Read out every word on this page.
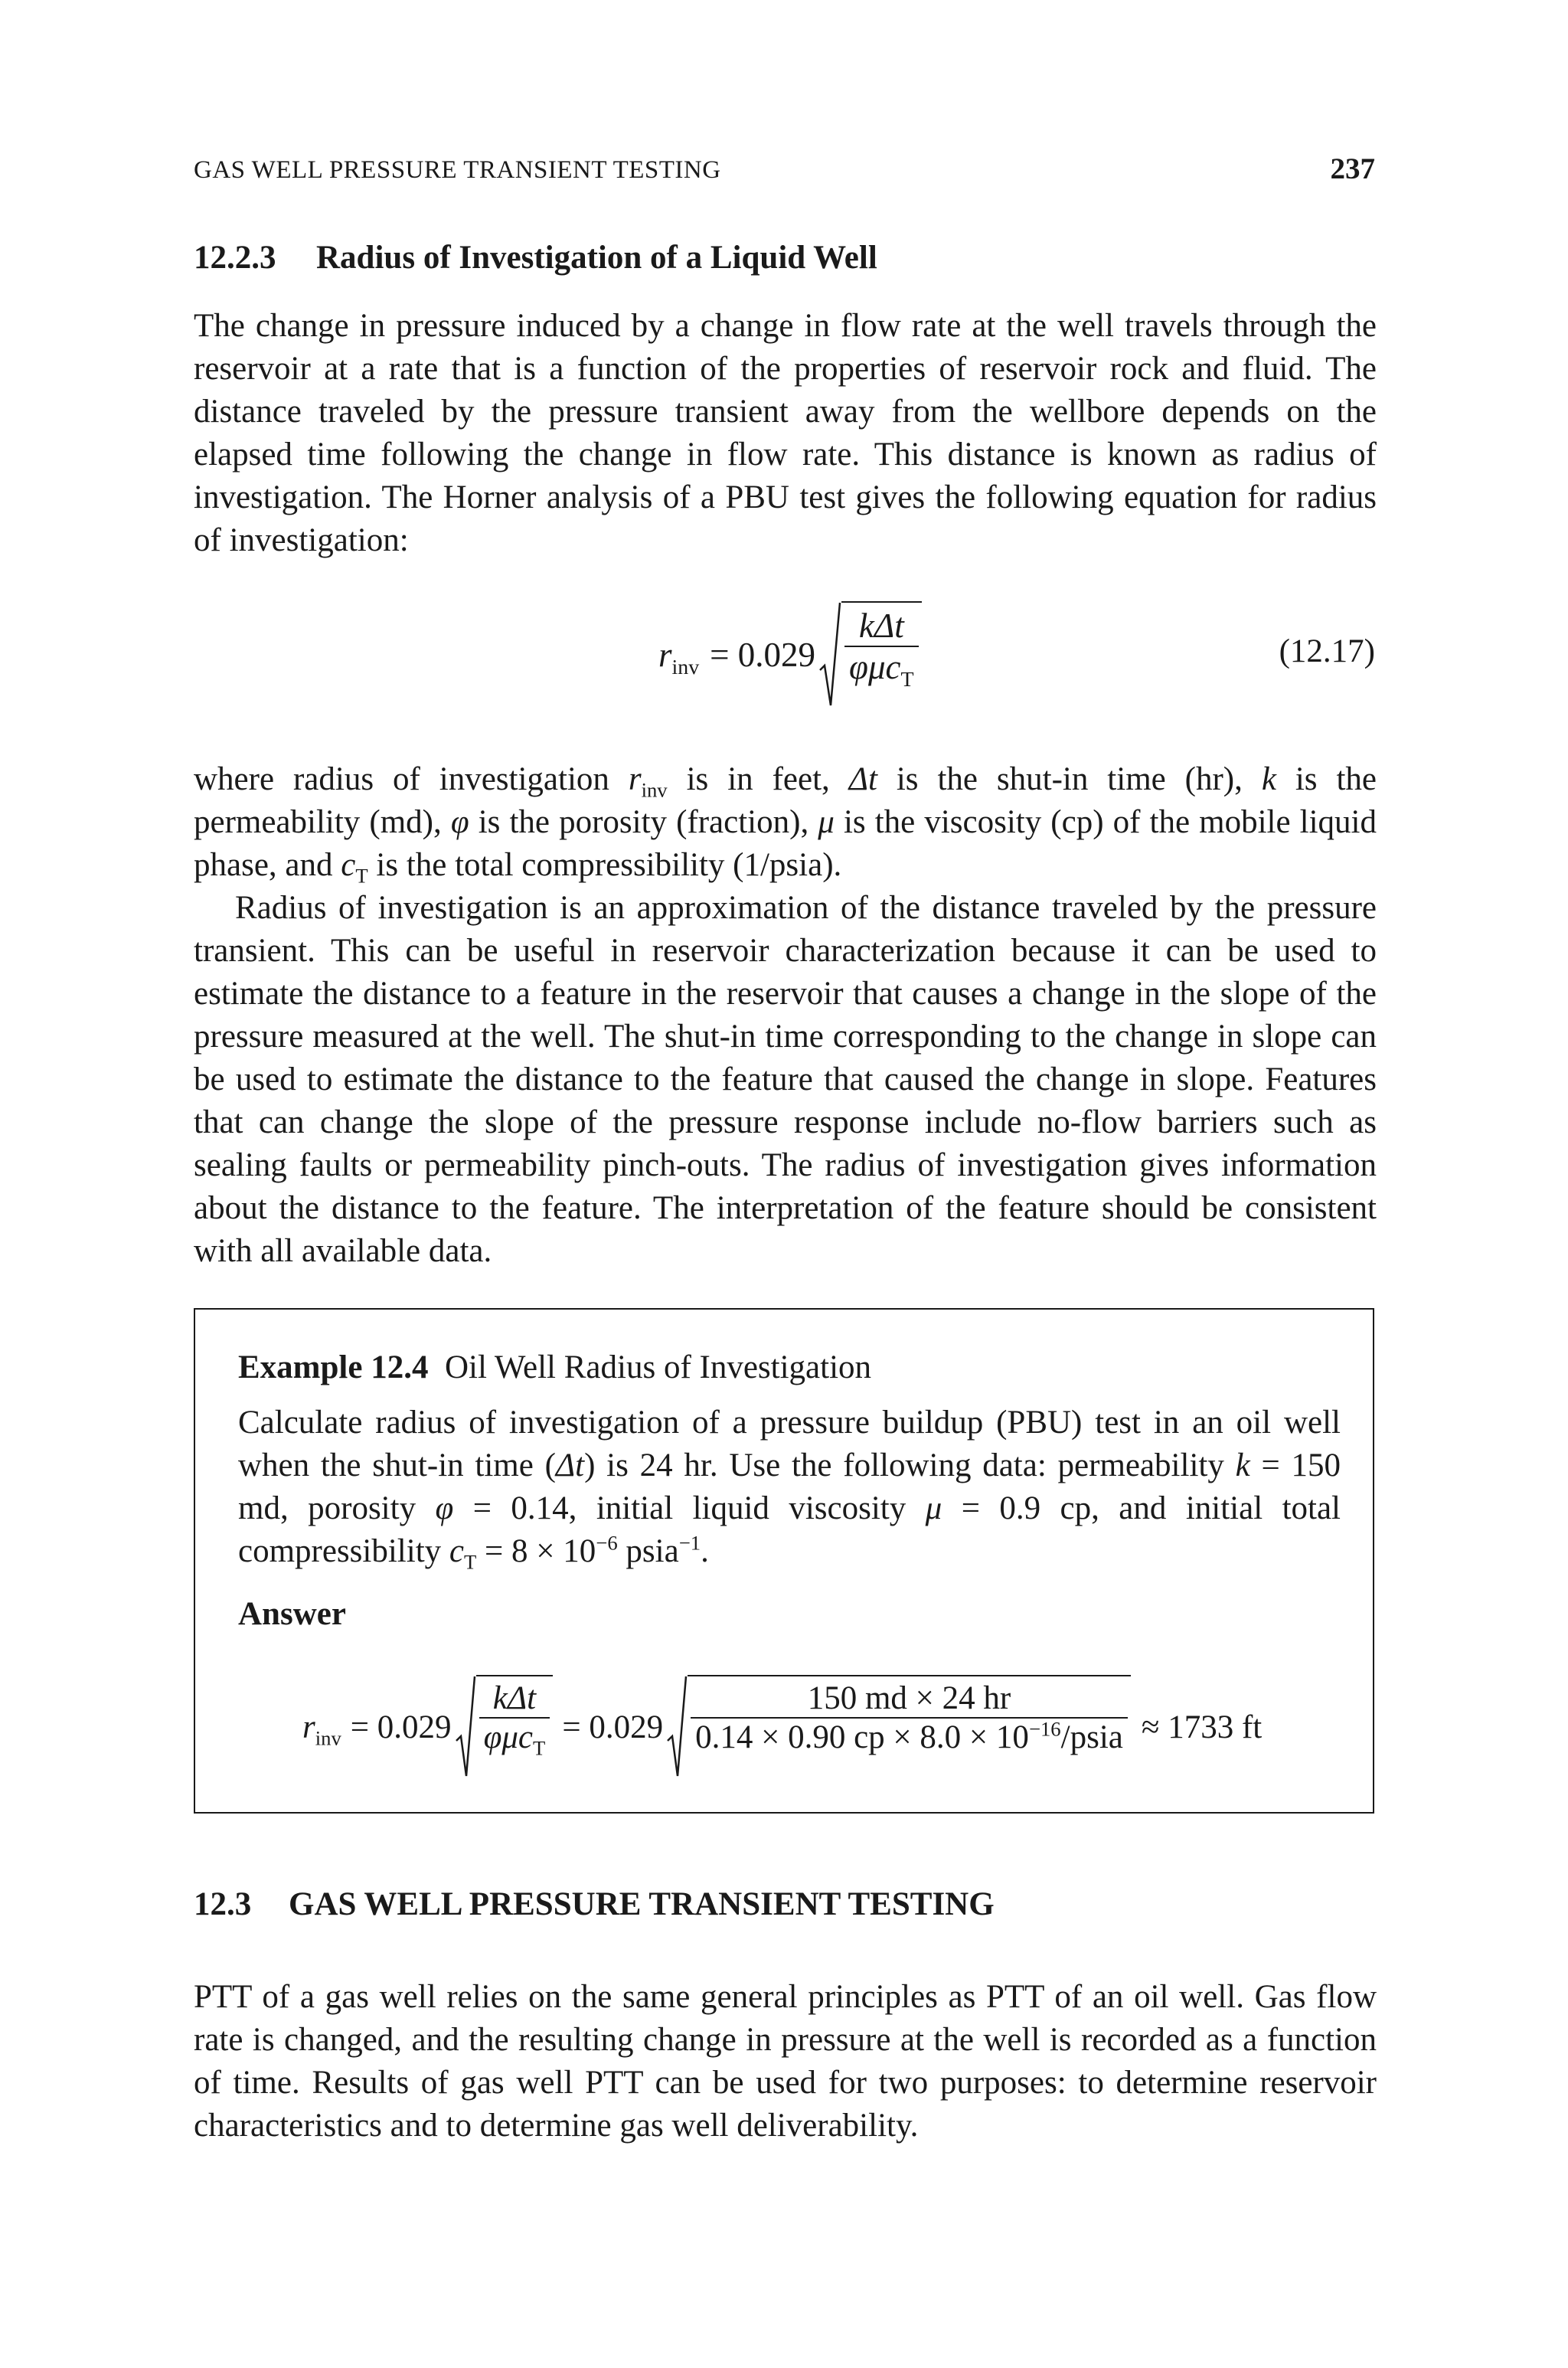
GAS WELL PRESSURE TRANSIENT TESTING	237
12.2.3 Radius of Investigation of a Liquid Well

The change in pressure induced by a change in flow rate at the well travels through the reservoir at a rate that is a function of the properties of reservoir rock and fluid. The distance traveled by the pressure transient away from the wellbore depends on the elapsed time following the change in flow rate. This distance is known as radius of investigation. The Horner analysis of a PBU test gives the following equation for radius of investigation:

$r_{inv} = 0.029 \frac{\text{kΔt}}{\varphi\mu c_T}$	(12.17)

where radius of investigation $r_{inv}$ is in feet, Δt is the shut-in time (hr), k is the permeability (md), φ is the porosity (fraction), μ is the viscosity (cp) of the mobile liquid phase, and $c_T$ is the total compressibility (1/psia).

Radius of investigation is an approximation of the distance traveled by the pressure transient. This can be useful in reservoir characterization because it can be used to estimate the distance to a feature in the reservoir that causes a change in the slope of the pressure measured at the well. The shut-in time corresponding to the change in slope can be used to estimate the distance to the feature that caused the change in slope. Features that can change the slope of the pressure response include no-flow barriers such as sealing faults or permeability pinch-outs. The radius of investigation gives information about the distance to the feature. The interpretation of the feature should be consistent with all available data.

Example 12.4 Oil Well Radius of Investigation

Calculate radius of investigation of a pressure buildup (PBU) test in an oil well when the shut-in time (Δt) is 24 hr. Use the following data: permeability k = 150 md, porosity φ = 0.14, initial liquid viscosity μ = 0.9 cp, and initial total compressibility $c_T = 8 \times 10^{-6}$ psia$^{-1}$.

Answer

$r_{inv} = 0.029 \frac{\text{kΔt}}{\varphi\mu c_T} = 0.029 \frac{150 md \times 24 hr}{0.14 \times 0.90 cp \times 8.0 \times 10^{-16}/psia} \approx 1733$ ft
12.3 GAS WELL PRESSURE TRANSIENT TESTING

PTT of a gas well relies on the same general principles as PTT of an oil well. Gas flow rate is changed, and the resulting change in pressure at the well is recorded as a function of time. Results of gas well PTT can be used for two purposes: to determine reservoir characteristics and to determine gas well deliverability.
